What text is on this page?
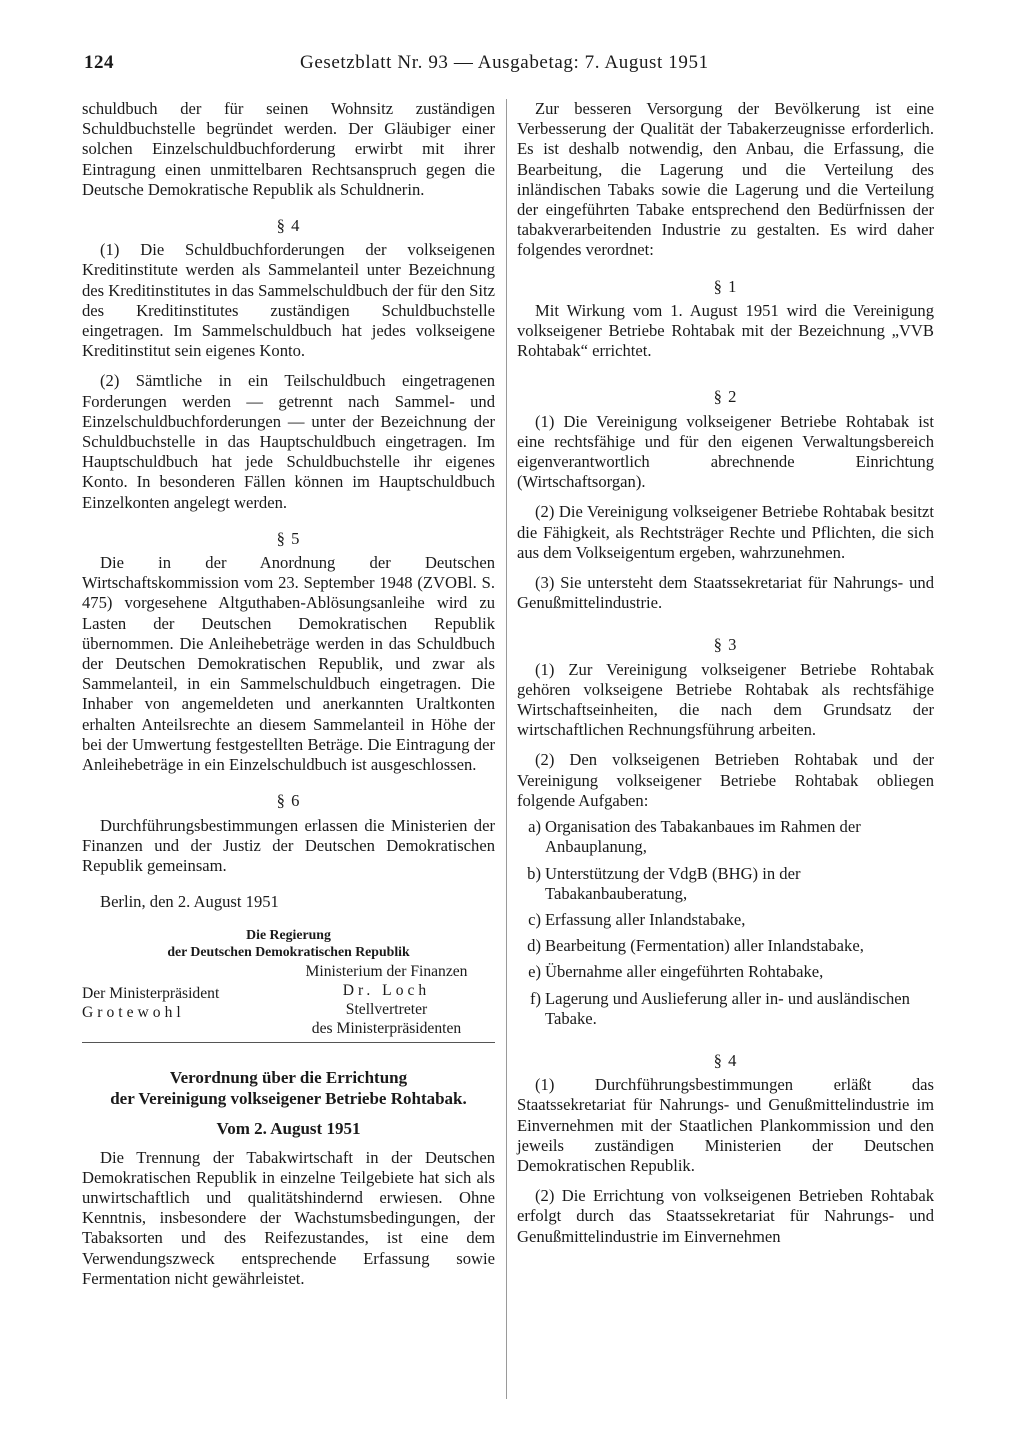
124	Gesetzblatt Nr. 93 — Ausgabetag: 7. August 1951

schuldbuch der für seinen Wohnsitz zuständigen Schuldbuchstelle begründet werden. Der Gläubiger einer solchen Einzelschuldbuchforderung erwirbt mit ihrer Eintragung einen unmittelbaren Rechtsanspruch gegen die Deutsche Demokratische Republik als Schuldnerin.

§ 4

(1) Die Schuldbuchforderungen der volkseigenen Kreditinstitute werden als Sammelanteil unter Bezeichnung des Kreditinstitutes in das Sammelschuldbuch der für den Sitz des Kreditinstitutes zuständigen Schuldbuchstelle eingetragen. Im Sammelschuldbuch hat jedes volkseigene Kreditinstitut sein eigenes Konto.

(2) Sämtliche in ein Teilschuldbuch eingetragenen Forderungen werden — getrennt nach Sammel- und Einzelschuldbuchforderungen — unter der Bezeichnung der Schuldbuchstelle in das Hauptschuldbuch eingetragen. Im Hauptschuldbuch hat jede Schuldbuchstelle ihr eigenes Konto. In besonderen Fällen können im Hauptschuldbuch Einzelkonten angelegt werden.

§ 5

Die in der Anordnung der Deutschen Wirtschaftskommission vom 23. September 1948 (ZVOBl. S. 475) vorgesehene Altguthaben-Ablösungsanleihe wird zu Lasten der Deutschen Demokratischen Republik übernommen. Die Anleihebeträge werden in das Schuldbuch der Deutschen Demokratischen Republik, und zwar als Sammelanteil, in ein Sammelschuldbuch eingetragen. Die Inhaber von angemeldeten und anerkannten Uraltkonten erhalten Anteilsrechte an diesem Sammelanteil in Höhe der bei der Umwertung festgestellten Beträge. Die Eintragung der Anleihebeträge in ein Einzelschuldbuch ist ausgeschlossen.

§ 6

Durchführungsbestimmungen erlassen die Ministerien der Finanzen und der Justiz der Deutschen Demokratischen Republik gemeinsam.

Berlin, den 2. August 1951

Die Regierung
der Deutschen Demokratischen Republik
Der Ministerpräsident
Grotewohl
Ministerium der Finanzen
Dr. Loch
Stellvertreter
des Ministerpräsidenten
Verordnung über die Errichtung
der Vereinigung volkseigener Betriebe Rohtabak.

Vom 2. August 1951

Die Trennung der Tabakwirtschaft in der Deutschen Demokratischen Republik in einzelne Teilgebiete hat sich als unwirtschaftlich und qualitätshindernd erwiesen. Ohne Kenntnis, insbesondere der Wachstumsbedingungen, der Tabaksorten und des Reifezustandes, ist eine dem Verwendungszweck entsprechende Erfassung sowie Fermentation nicht gewährleistet.

Zur besseren Versorgung der Bevölkerung ist eine Verbesserung der Qualität der Tabakerzeugnisse erforderlich. Es ist deshalb notwendig, den Anbau, die Erfassung, die Bearbeitung, die Lagerung und die Verteilung des inländischen Tabaks sowie die Lagerung und die Verteilung der eingeführten Tabake entsprechend den Bedürfnissen der tabakverarbeitenden Industrie zu gestalten. Es wird daher folgendes verordnet:

§ 1

Mit Wirkung vom 1. August 1951 wird die Vereinigung volkseigener Betriebe Rohtabak mit der Bezeichnung „VVB Rohtabak“ errichtet.

§ 2

(1) Die Vereinigung volkseigener Betriebe Rohtabak ist eine rechtsfähige und für den eigenen Verwaltungsbereich eigenverantwortlich abrechnende Einrichtung (Wirtschaftsorgan).

(2) Die Vereinigung volkseigener Betriebe Rohtabak besitzt die Fähigkeit, als Rechtsträger Rechte und Pflichten, die sich aus dem Volkseigentum ergeben, wahrzunehmen.

(3) Sie untersteht dem Staatssekretariat für Nahrungs- und Genußmittelindustrie.

§ 3

(1) Zur Vereinigung volkseigener Betriebe Rohtabak gehören volkseigene Betriebe Rohtabak als rechtsfähige Wirtschaftseinheiten, die nach dem Grundsatz der wirtschaftlichen Rechnungsführung arbeiten.

(2) Den volkseigenen Betrieben Rohtabak und der Vereinigung volkseigener Betriebe Rohtabak obliegen folgende Aufgaben:

a) Organisation des Tabakanbaues im Rahmen der Anbauplanung,
b) Unterstützung der VdgB (BHG) in der Tabakanbauberatung,
c) Erfassung aller Inlandstabake,
d) Bearbeitung (Fermentation) aller Inlandstabake,
e) Übernahme aller eingeführten Rohtabake,
f) Lagerung und Auslieferung aller in- und ausländischen Tabake.

§ 4

(1) Durchführungsbestimmungen erläßt das Staatssekretariat für Nahrungs- und Genußmittelindustrie im Einvernehmen mit der Staatlichen Plankommission und den jeweils zuständigen Ministerien der Deutschen Demokratischen Republik.

(2) Die Errichtung von volkseigenen Betrieben Rohtabak erfolgt durch das Staatssekretariat für Nahrungs- und Genußmittelindustrie im Einvernehmen
